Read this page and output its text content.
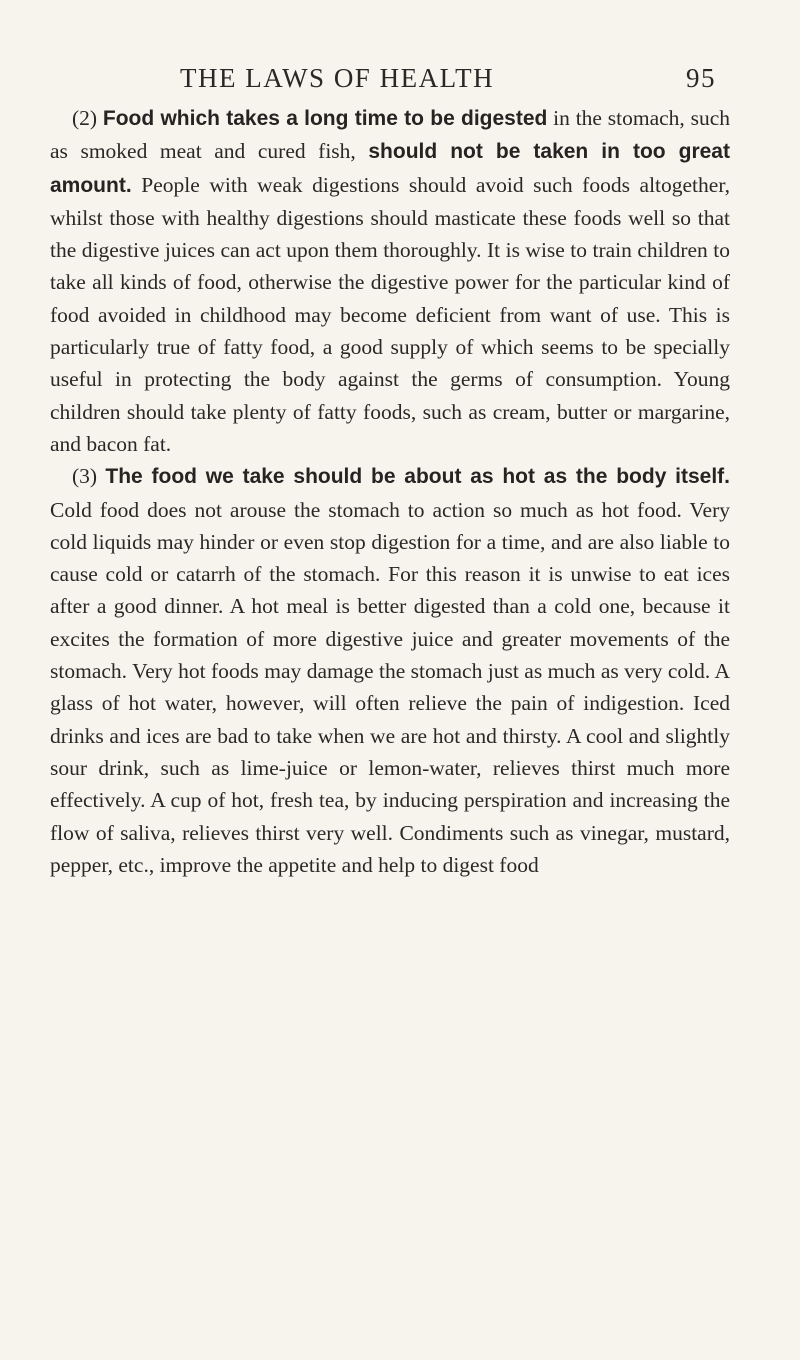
THE LAWS OF HEALTH	95

(2) Food which takes a long time to be digested in the stomach, such as smoked meat and cured fish, should not be taken in too great amount. People with weak digestions should avoid such foods altogether, whilst those with healthy digestions should masticate these foods well so that the digestive juices can act upon them thoroughly. It is wise to train children to take all kinds of food, otherwise the digestive power for the particular kind of food avoided in childhood may become deficient from want of use. This is particularly true of fatty food, a good supply of which seems to be specially useful in protecting the body against the germs of consumption. Young children should take plenty of fatty foods, such as cream, butter or margarine, and bacon fat.

(3) The food we take should be about as hot as the body itself. Cold food does not arouse the stomach to action so much as hot food. Very cold liquids may hinder or even stop digestion for a time, and are also liable to cause cold or catarrh of the stomach. For this reason it is unwise to eat ices after a good dinner. A hot meal is better digested than a cold one, because it excites the formation of more digestive juice and greater movements of the stomach. Very hot foods may damage the stomach just as much as very cold. A glass of hot water, however, will often relieve the pain of indigestion. Iced drinks and ices are bad to take when we are hot and thirsty. A cool and slightly sour drink, such as lime-juice or lemon-water, relieves thirst much more effectively. A cup of hot, fresh tea, by inducing perspiration and increasing the flow of saliva, relieves thirst very well. Condiments such as vinegar, mustard, pepper, etc., improve the appetite and help to digest food
